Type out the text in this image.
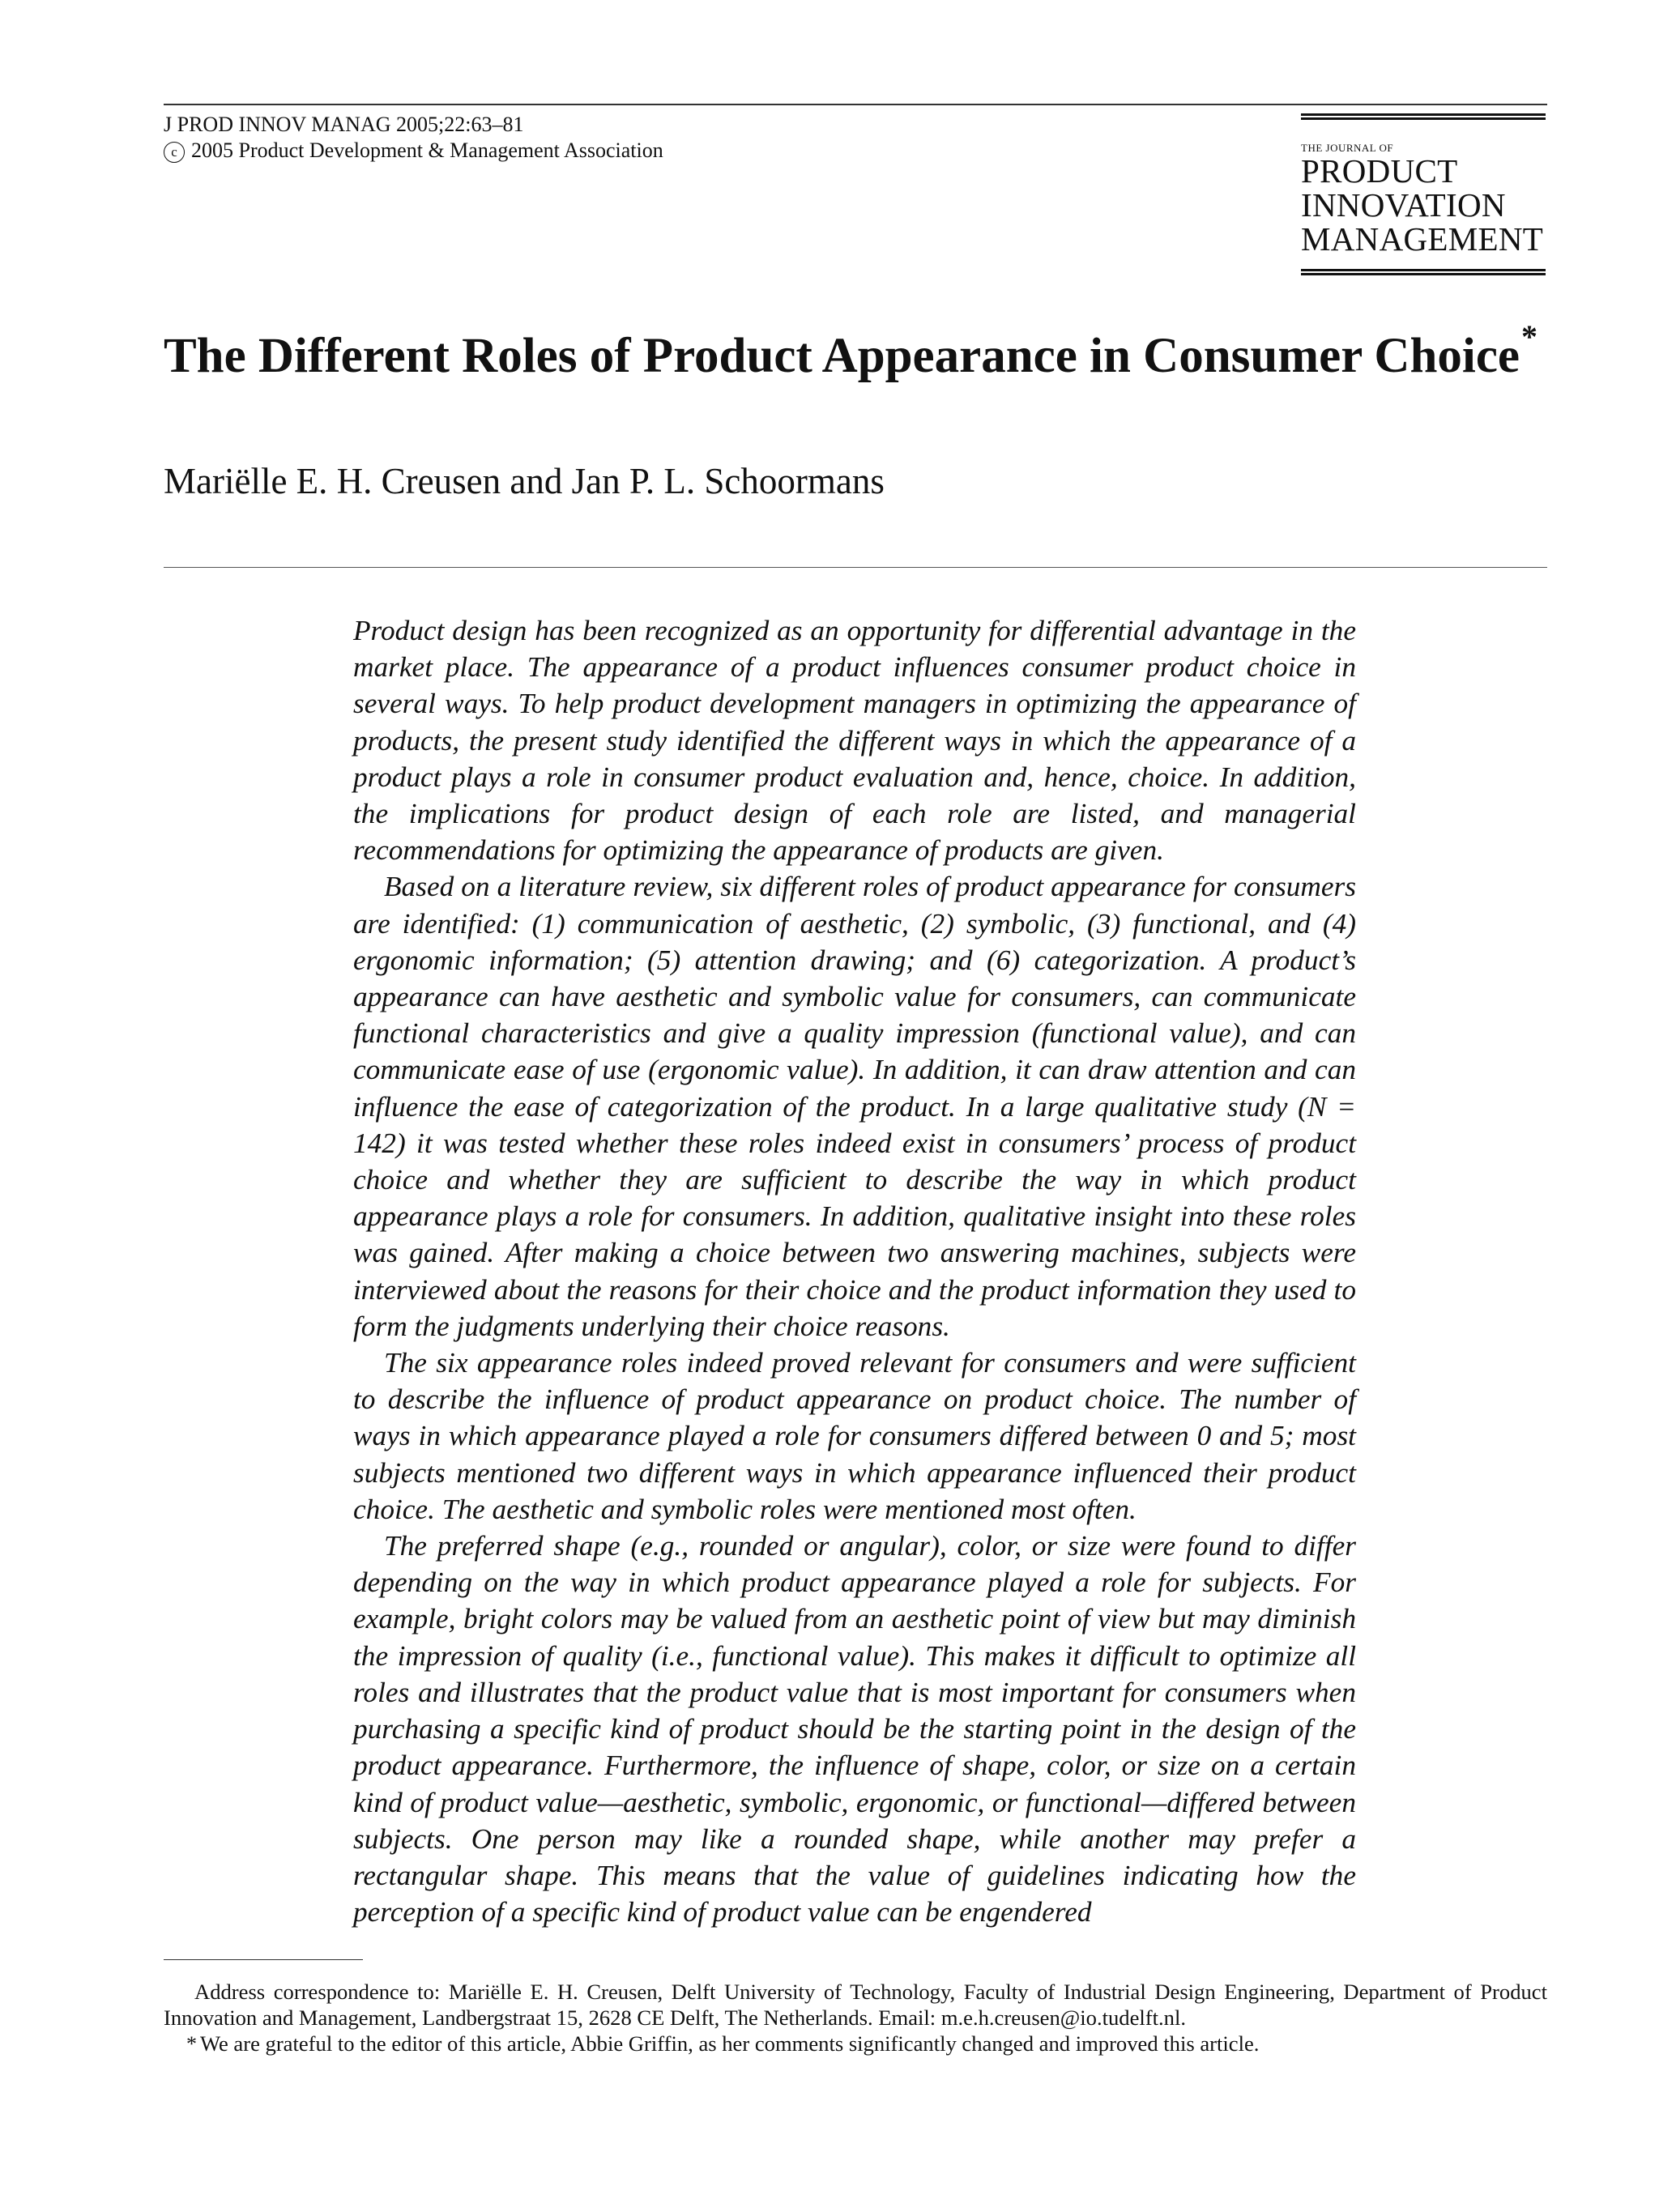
J PROD INNOV MANAG 2005;22:63–81
c 2005 Product Development & Management Association	THE JOURNAL OF
PRODUCT
INNOVATION
MANAGEMENT
The Different Roles of Product Appearance in Consumer Choice*
Mariëlle E. H. Creusen and Jan P. L. Schoormans

Product design has been recognized as an opportunity for differential advantage in the market place. The appearance of a product influences consumer product choice in several ways. To help product development managers in optimizing the appearance of products, the present study identified the different ways in which the appearance of a product plays a role in consumer product evaluation and, hence, choice. In addition, the implications for product design of each role are listed, and managerial recommendations for optimizing the appearance of products are given.

Based on a literature review, six different roles of product appearance for consumers are identified: (1) communication of aesthetic, (2) symbolic, (3) functional, and (4) ergonomic information; (5) attention drawing; and (6) categorization. A product’s appearance can have aesthetic and symbolic value for consumers, can communicate functional characteristics and give a quality impression (functional value), and can communicate ease of use (ergonomic value). In addition, it can draw attention and can influence the ease of categorization of the product. In a large qualitative study (N = 142) it was tested whether these roles indeed exist in consumers’ process of product choice and whether they are sufficient to describe the way in which product appearance plays a role for consumers. In addition, qualitative insight into these roles was gained. After making a choice between two answering machines, subjects were interviewed about the reasons for their choice and the product information they used to form the judgments underlying their choice reasons.

The six appearance roles indeed proved relevant for consumers and were sufficient to describe the influence of product appearance on product choice. The number of ways in which appearance played a role for consumers differed between 0 and 5; most subjects mentioned two different ways in which appearance influenced their product choice. The aesthetic and symbolic roles were mentioned most often.

The preferred shape (e.g., rounded or angular), color, or size were found to differ depending on the way in which product appearance played a role for subjects. For example, bright colors may be valued from an aesthetic point of view but may diminish the impression of quality (i.e., functional value). This makes it difficult to optimize all roles and illustrates that the product value that is most important for consumers when purchasing a specific kind of product should be the starting point in the design of the product appearance. Furthermore, the influence of shape, color, or size on a certain kind of product value—aesthetic, symbolic, ergonomic, or functional—differed between subjects. One person may like a rounded shape, while another may prefer a rectangular shape. This means that the value of guidelines indicating how the perception of a specific kind of product value can be engendered

Address correspondence to: Mariëlle E. H. Creusen, Delft University of Technology, Faculty of Industrial Design Engineering, Department of Product Innovation and Management, Landbergstraat 15, 2628 CE Delft, The Netherlands. Email: m.e.h.creusen@io.tudelft.nl.

* We are grateful to the editor of this article, Abbie Griffin, as her comments significantly changed and improved this article.
